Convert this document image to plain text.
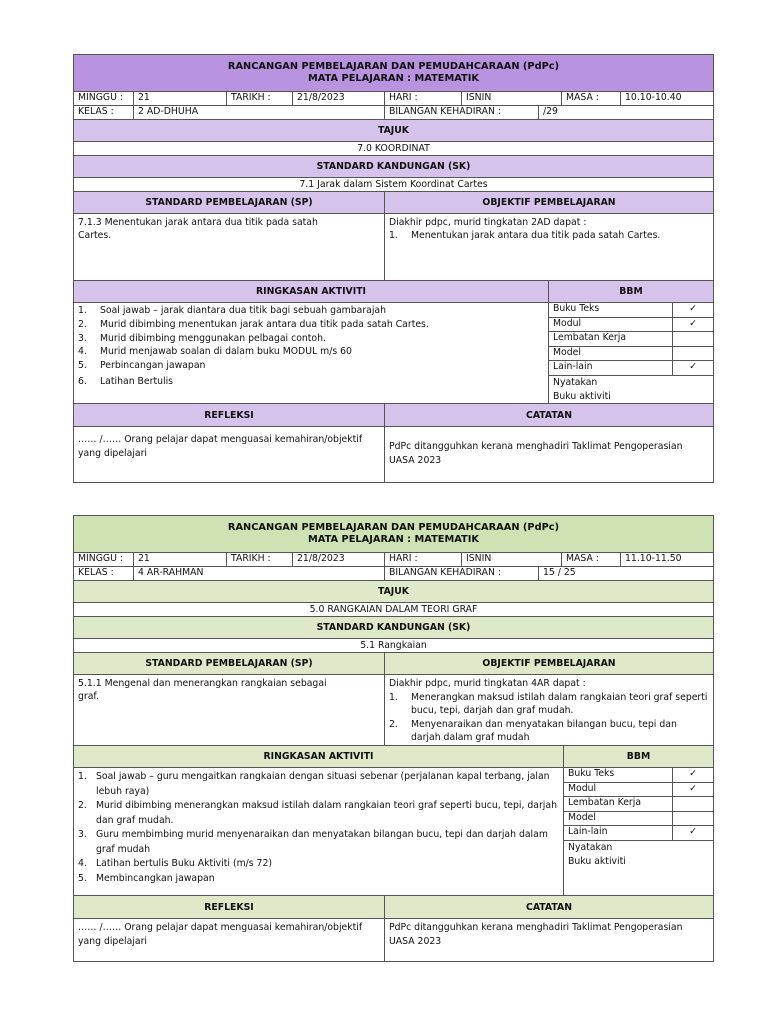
RANCANGAN PEMBELAJARAN DAN PEMUDAHCARAAN (PdPc)
MATA PELAJARAN : MATEMATIK
MINGGU :	21	TARIKH :	21/8/2023	HARI :	ISNIN	MASA :	10.10-10.40
KELAS :	2 AD-DHUHA	BILANGAN KEHADIRAN :	/29
TAJUK
7.0 KOORDINAT
STANDARD KANDUNGAN (SK)
7.1 Jarak dalam Sistem Koordinat Cartes
STANDARD PEMBELAJARAN (SP)	OBJEKTIF PEMBELAJARAN
7.1.3 Menentukan jarak antara dua titik pada satah Cartes.
Diakhir pdpc, murid tingkatan 2AD dapat :
1.	Menentukan jarak antara dua titik pada satah Cartes.
RINGKASAN AKTIVITI	BBM
1.	Soal jawab – jarak diantara dua titik bagi sebuah gambarajah
2.	Murid dibimbing menentukan jarak antara dua titik pada satah Cartes.
3.	Murid dibimbing menggunakan pelbagai contoh.
4.	Murid menjawab soalan di dalam buku MODUL m/s 60
5.	Perbincangan jawapan
6.	Latihan Bertulis
Buku Teks	✓
Modul	✓
Lembatan Kerja
Model
Lain-lain	✓
Nyatakan
Buku aktiviti
REFLEKSI	CATATAN
…… /…… Orang pelajar dapat menguasai kemahiran/objektif yang dipelajari
PdPc ditangguhkan kerana menghadiri Taklimat Pengoperasian UASA 2023
RANCANGAN PEMBELAJARAN DAN PEMUDAHCARAAN (PdPc)
MATA PELAJARAN : MATEMATIK
MINGGU :	21	TARIKH :	21/8/2023	HARI :	ISNIN	MASA :	11.10-11.50
KELAS :	4 AR-RAHMAN	BILANGAN KEHADIRAN :	15 / 25
TAJUK
5.0 RANGKAIAN DALAM TEORI GRAF
STANDARD KANDUNGAN (SK)
5.1 Rangkaian
STANDARD PEMBELAJARAN (SP)	OBJEKTIF PEMBELAJARAN
5.1.1 Mengenal dan menerangkan rangkaian sebagai graf.
Diakhir pdpc, murid tingkatan 4AR dapat :
1.	Menerangkan maksud istilah dalam rangkaian teori graf seperti bucu, tepi, darjah dan graf mudah.
2.	Menyenaraikan dan menyatakan bilangan bucu, tepi dan darjah dalam graf mudah
RINGKASAN AKTIVITI	BBM
1. Soal jawab – guru mengaitkan rangkaian dengan situasi sebenar (perjalanan kapal terbang, jalan lebuh raya)
2. Murid dibimbing menerangkan maksud istilah dalam rangkaian teori graf seperti bucu, tepi, darjah dan graf mudah.
3. Guru membimbing murid menyenaraikan dan menyatakan bilangan bucu, tepi dan darjah dalam graf mudah
4. Latihan bertulis Buku Aktiviti (m/s 72)
5. Membincangkan jawapan
Buku Teks	✓
Modul	✓
Lembatan Kerja
Model
Lain-lain	✓
Nyatakan
Buku aktiviti
REFLEKSI	CATATAN
…… /…… Orang pelajar dapat menguasai kemahiran/objektif yang dipelajari
PdPc ditangguhkan kerana menghadiri Taklimat Pengoperasian UASA 2023
